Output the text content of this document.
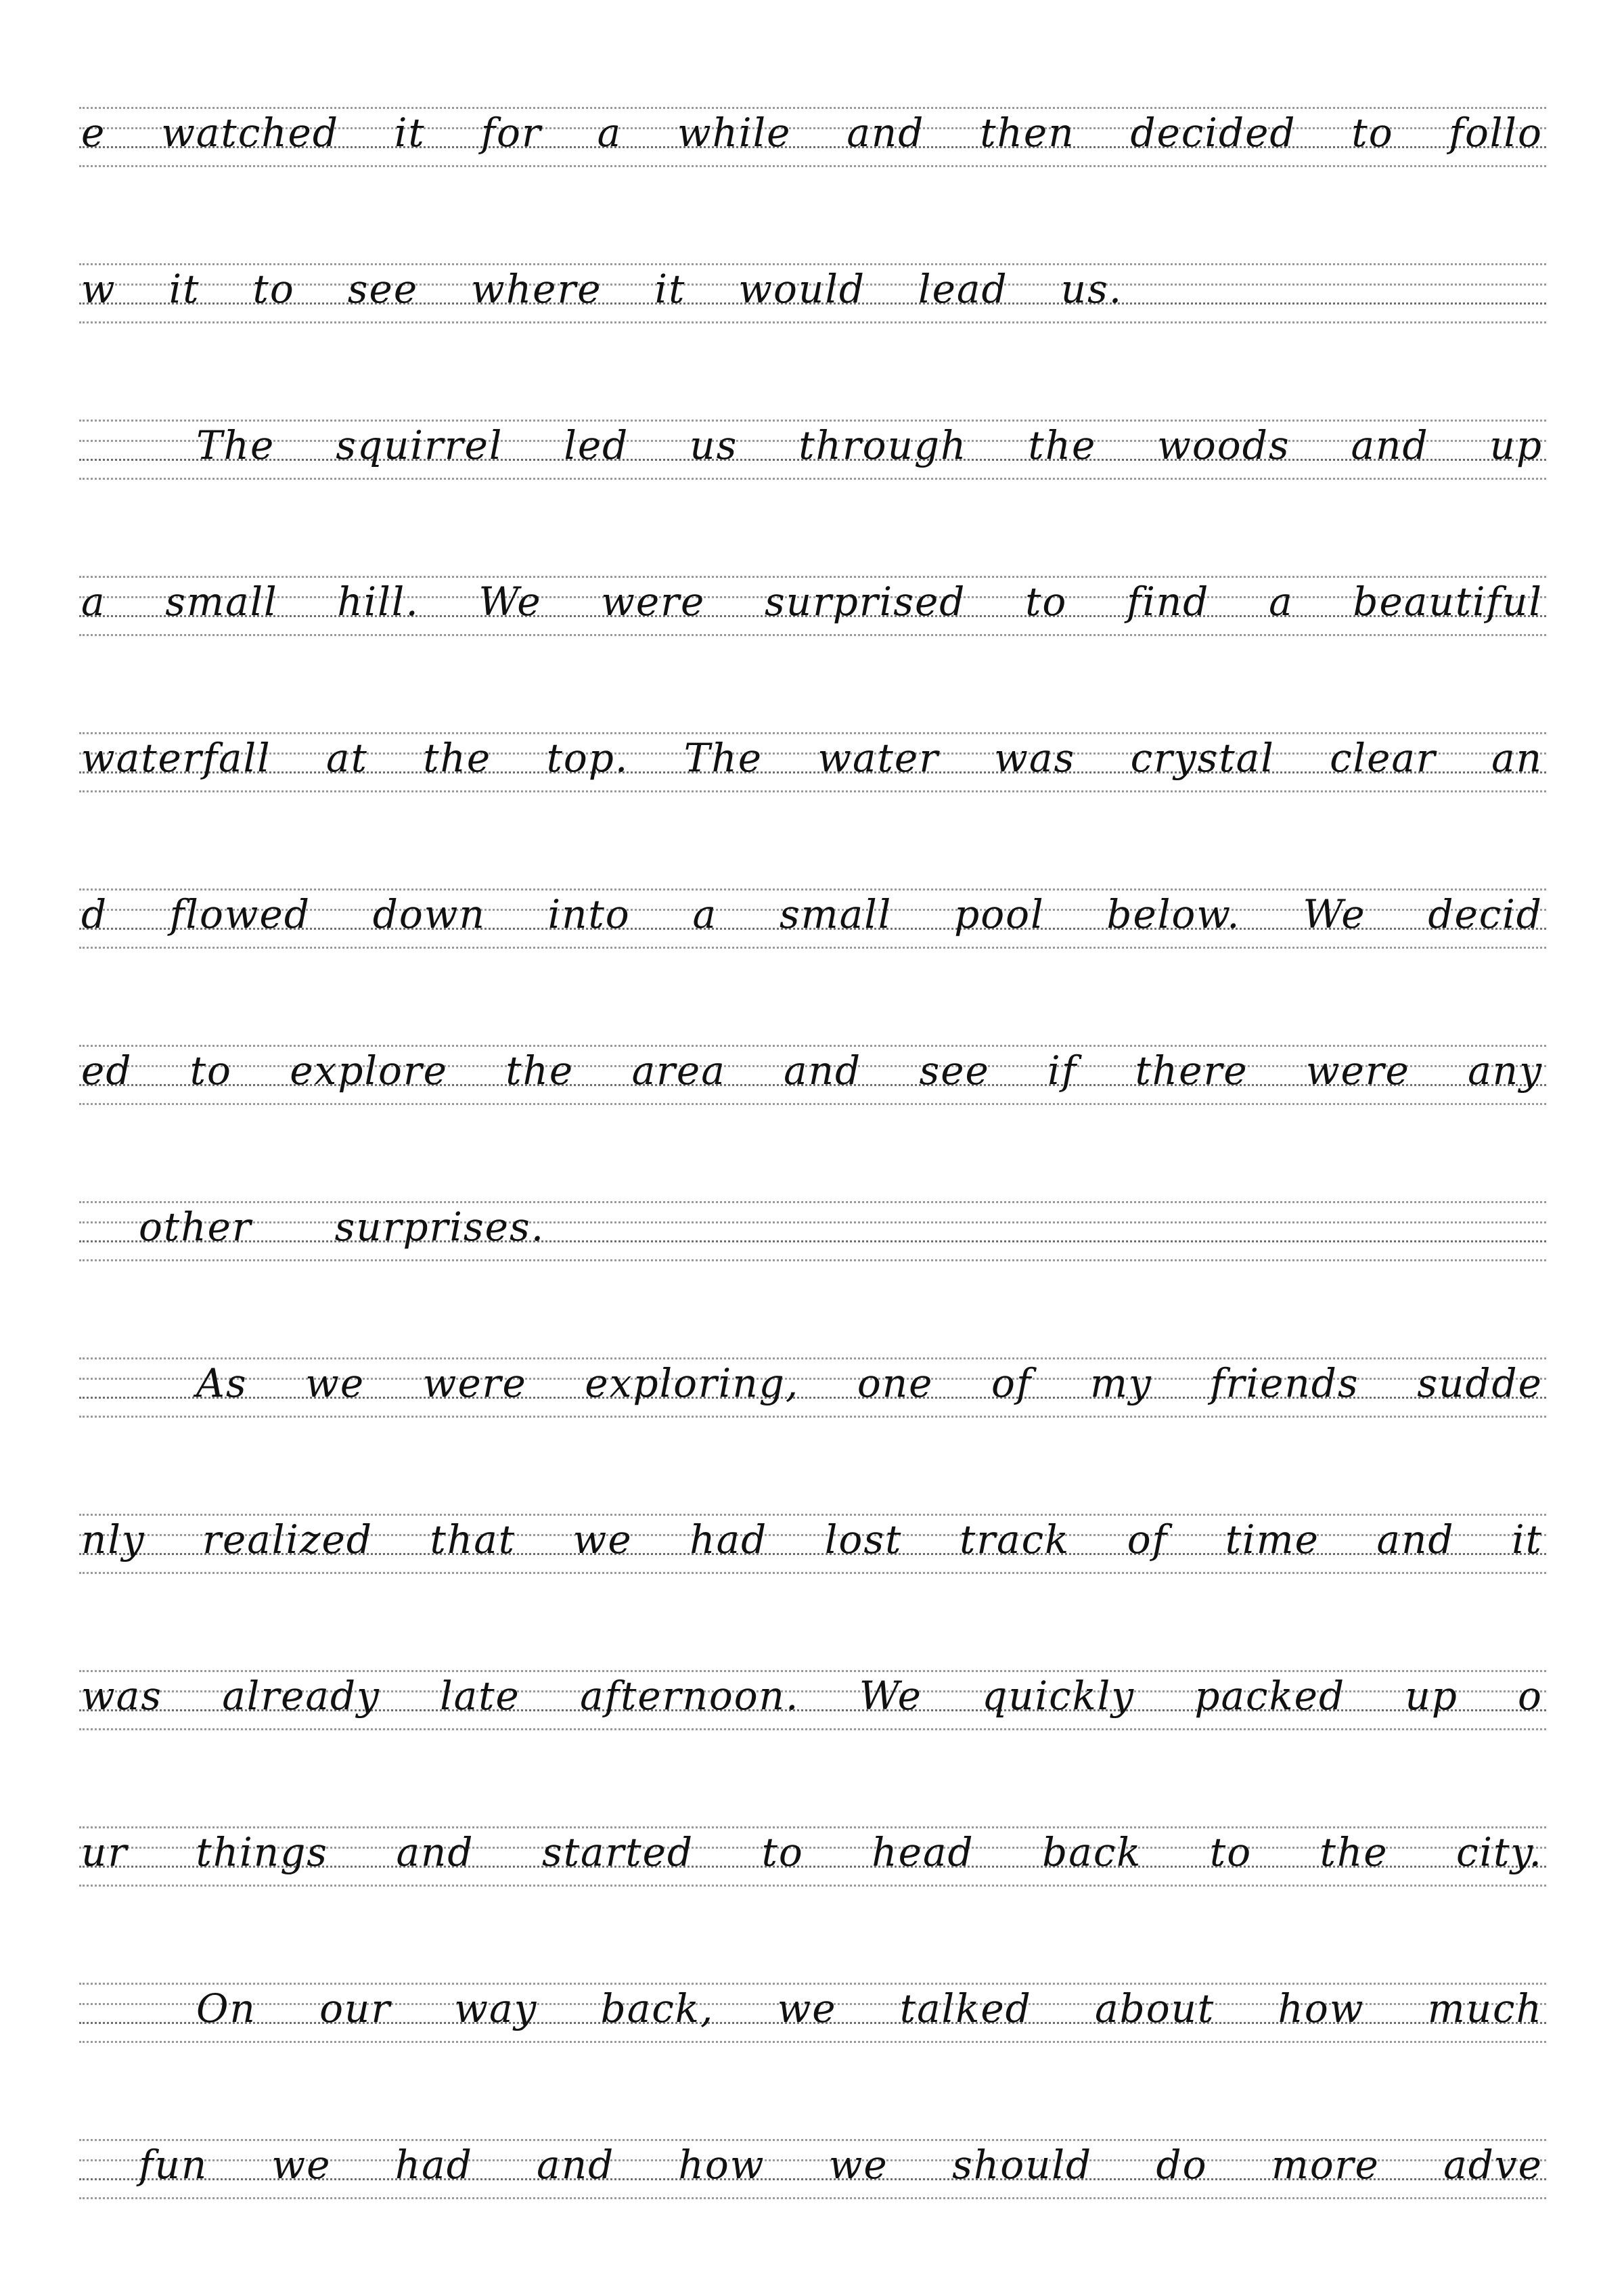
e watched it for a while and then decided to follo
w it to see where it would lead us.
The squirrel led us through the woods and up
a small hill. We were surprised to find a beautiful
waterfall at the top. The water was crystal clear an
d flowed down into a small pool below. We decid
ed to explore the area and see if there were any
other surprises.
As we were exploring, one of my friends sudde
nly realized that we had lost track of time and it
was already late afternoon. We quickly packed up o
ur things and started to head back to the city.
On our way back, we talked about how much
fun we had and how we should do more adve
